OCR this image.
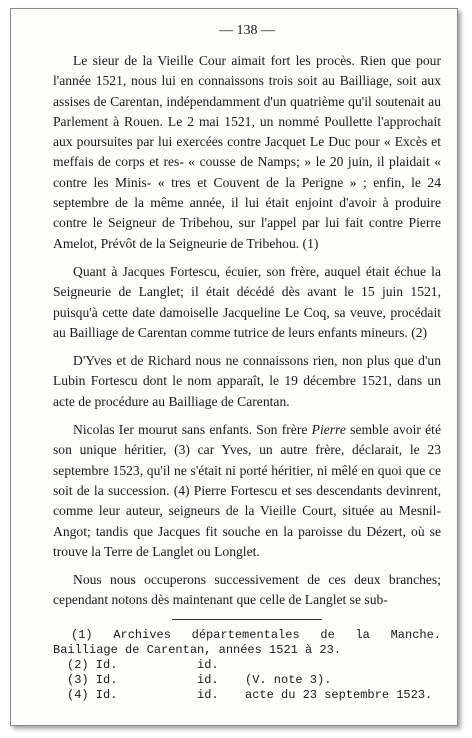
— 138 —

Le sieur de la Vieille Cour aimait fort les procès. Rien que pour l'année 1521, nous lui en connaissons trois soit au Bailliage, soit aux assises de Carentan, indépendamment d'un quatrième qu'il soutenait au Parlement à Rouen. Le 2 mai 1521, un nommé Poullette l'approchait aux poursuites par lui exercées contre Jacquet Le Duc pour « Excès et meffais de corps et res- « cousse de Namps; » le 20 juin, il plaidait « contre les Minis- « tres et Couvent de la Perigne » ; enfin, le 24 septembre de la même année, il lui était enjoint d'avoir à produire contre le Seigneur de Tribehou, sur l'appel par lui fait contre Pierre Amelot, Prévôt de la Seigneurie de Tribehou. (1)

Quant à Jacques Fortescu, écuier, son frère, auquel était échue la Seigneurie de Langlet; il était décédé dès avant le 15 juin 1521, puisqu'à cette date damoiselle Jacqueline Le Coq, sa veuve, procédait au Bailliage de Carentan comme tutrice de leurs enfants mineurs. (2)

D'Yves et de Richard nous ne connaissons rien, non plus que d'un Lubin Fortescu dont le nom apparaît, le 19 décembre 1521, dans un acte de procédure au Bailliage de Carentan.

Nicolas Ier mourut sans enfants. Son frère Pierre semble avoir été son unique héritier, (3) car Yves, un autre frère, déclarait, le 23 septembre 1523, qu'il ne s'était ni porté héritier, ni mêlé en quoi que ce soit de la succession. (4) Pierre Fortescu et ses descendants devinrent, comme leur auteur, seigneurs de la Vieille Court, située au Mesnil-Angot; tandis que Jacques fit souche en la paroisse du Dézert, où se trouve la Terre de Langlet ou Longlet.

Nous nous occuperons successivement de ces deux branches; cependant notons dès maintenant que celle de Langlet se sub-

(1) Archives départementales de la Manche. Bailliage de Carentan, années 1521 à 23.

(2) Id.	id.
(3) Id.	id.	(V. note 3).
(4) Id.	id.	acte du 23 septembre 1523.
